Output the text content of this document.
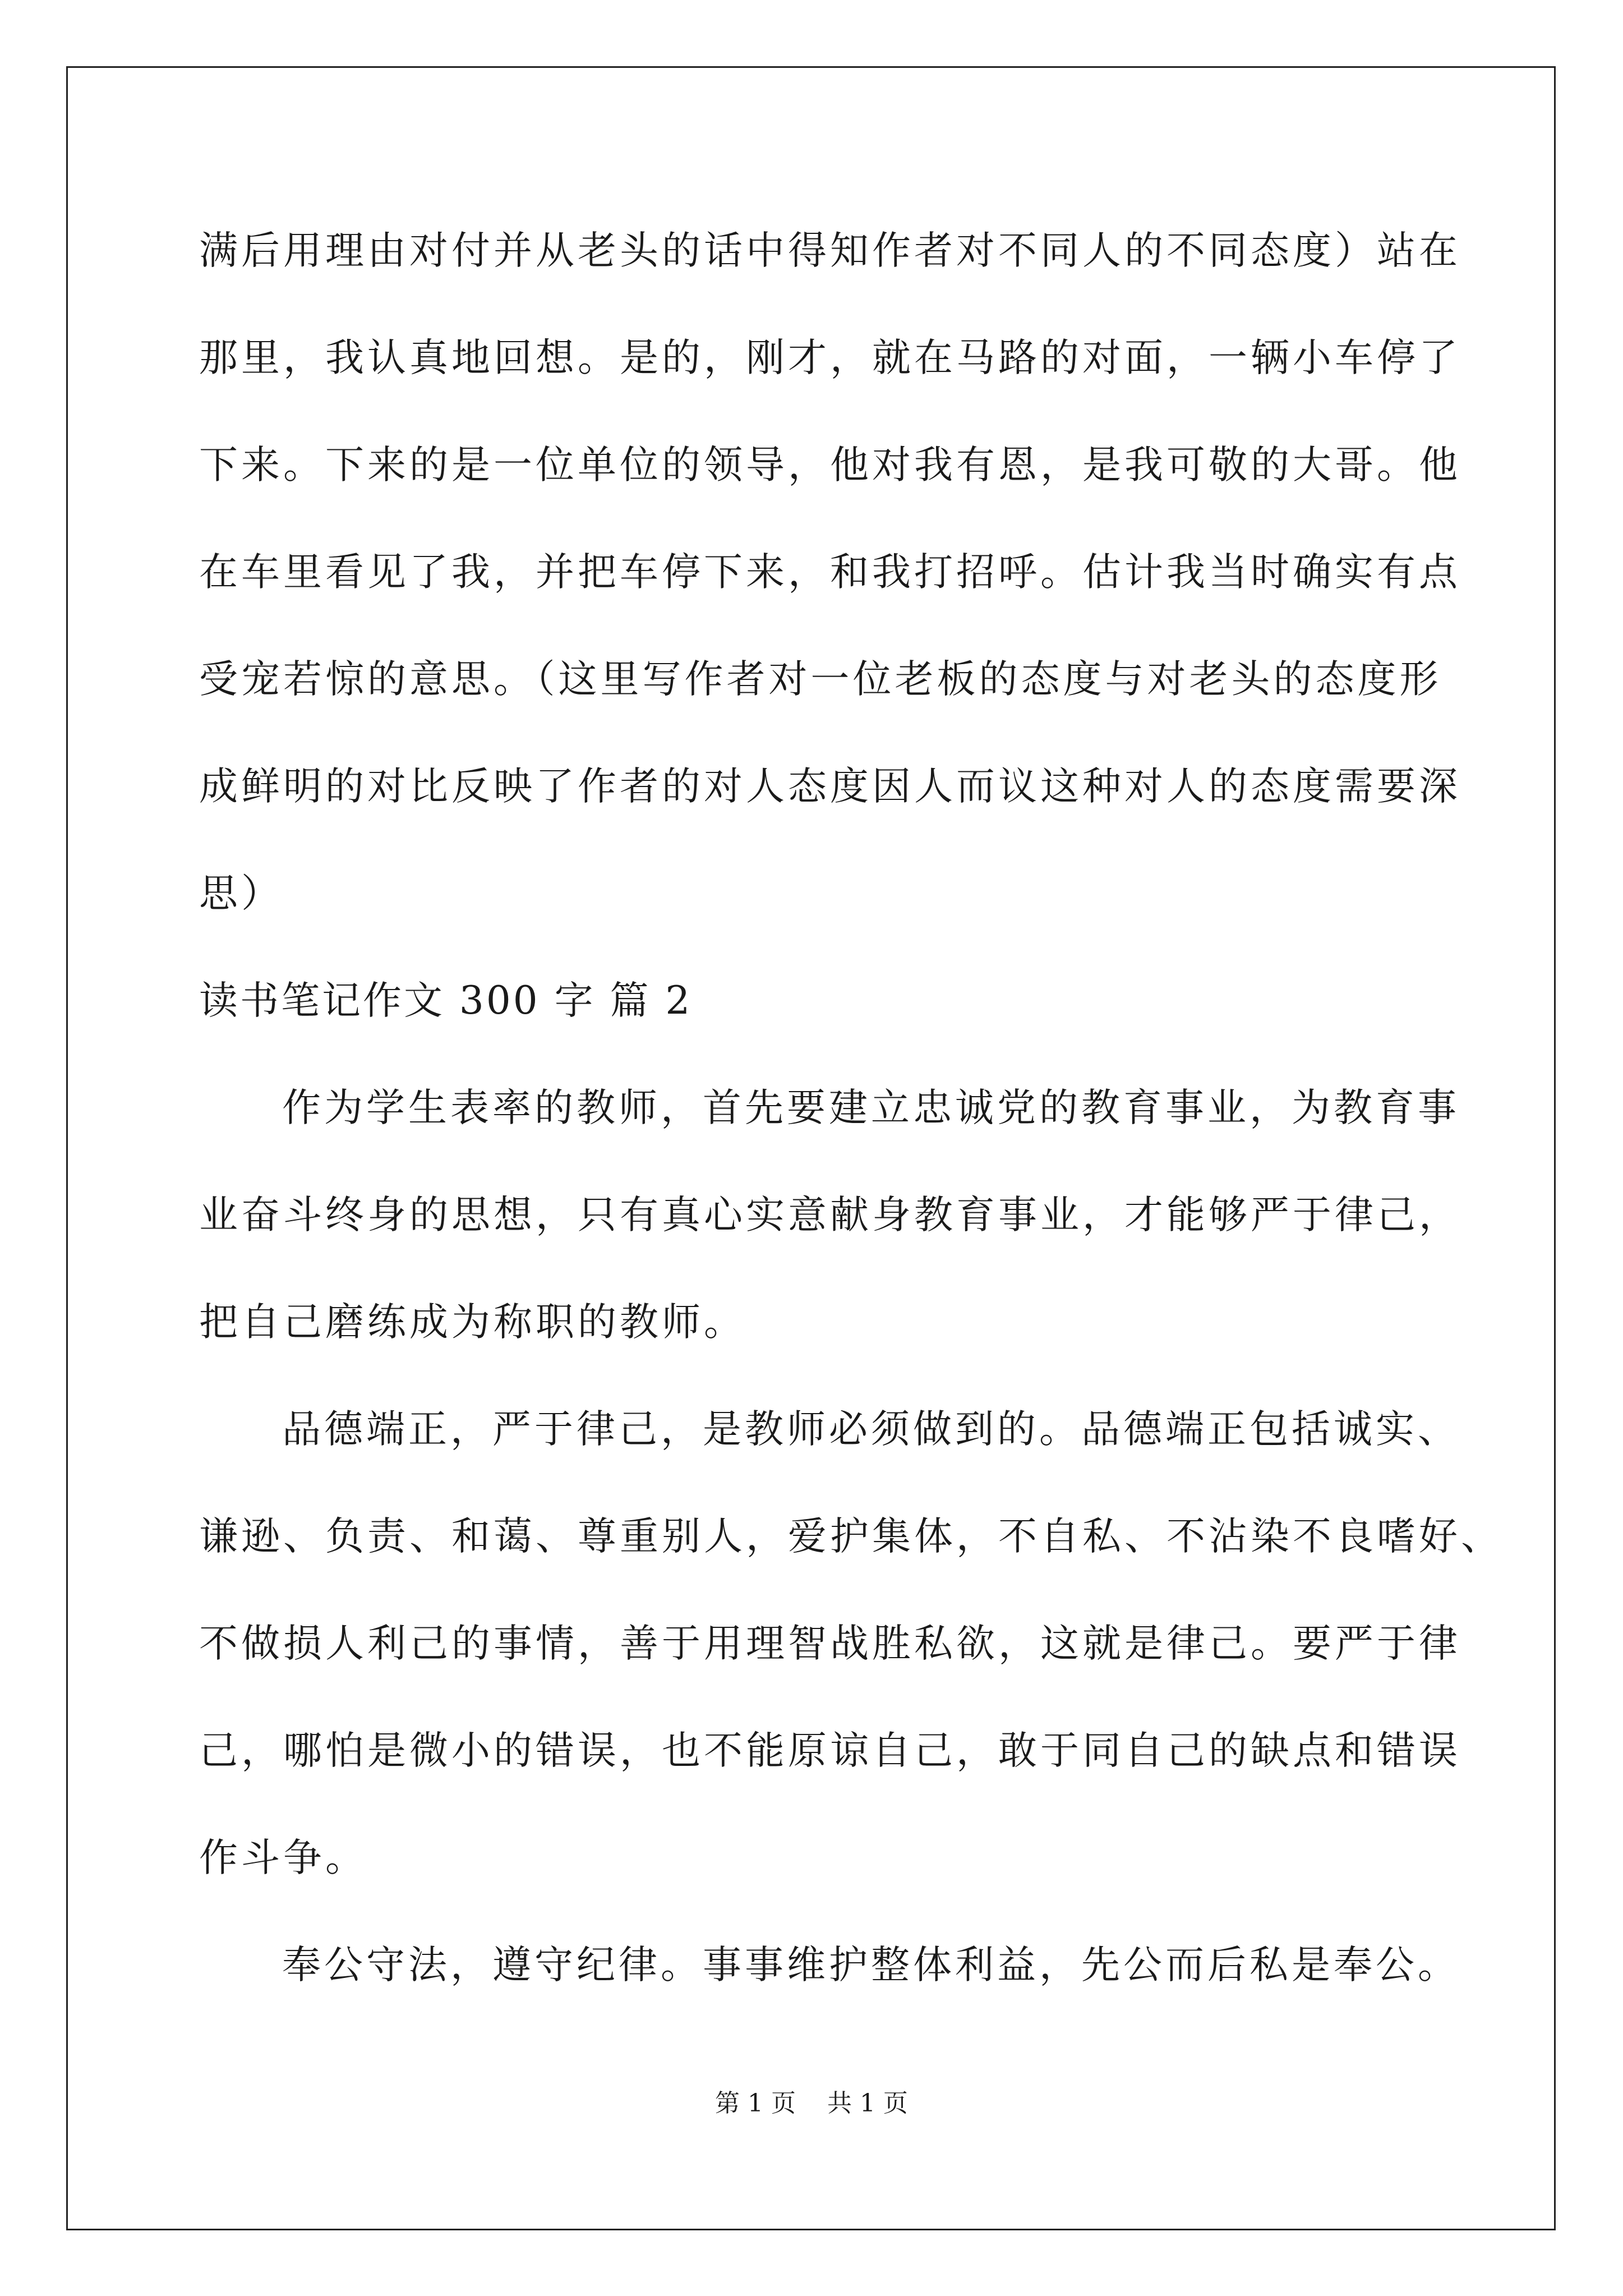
满后用理由对付并从老头的话中得知作者对不同人的不同态度）站在
那里，我认真地回想。是的，刚才，就在马路的对面，一辆小车停了
下来。下来的是一位单位的领导，他对我有恩，是我可敬的大哥。他
在车里看见了我，并把车停下来，和我打招呼。估计我当时确实有点
受宠若惊的意思。（这里写作者对一位老板的态度与对老头的态度形
成鲜明的对比反映了作者的对人态度因人而议这种对人的态度需要深
思）
读书笔记作文 300 字 篇 2
作为学生表率的教师，首先要建立忠诚党的教育事业，为教育事
业奋斗终身的思想，只有真心实意献身教育事业，才能够严于律己，
把自己磨练成为称职的教师。
品德端正，严于律己，是教师必须做到的。品德端正包括诚实、
谦逊、负责、和蔼、尊重别人，爱护集体，不自私、不沾染不良嗜好、
不做损人利己的事情，善于用理智战胜私欲，这就是律己。要严于律
己，哪怕是微小的错误，也不能原谅自己，敢于同自己的缺点和错误
作斗争。
奉公守法，遵守纪律。事事维护整体利益，先公而后私是奉公。
第 1 页    共 1 页
